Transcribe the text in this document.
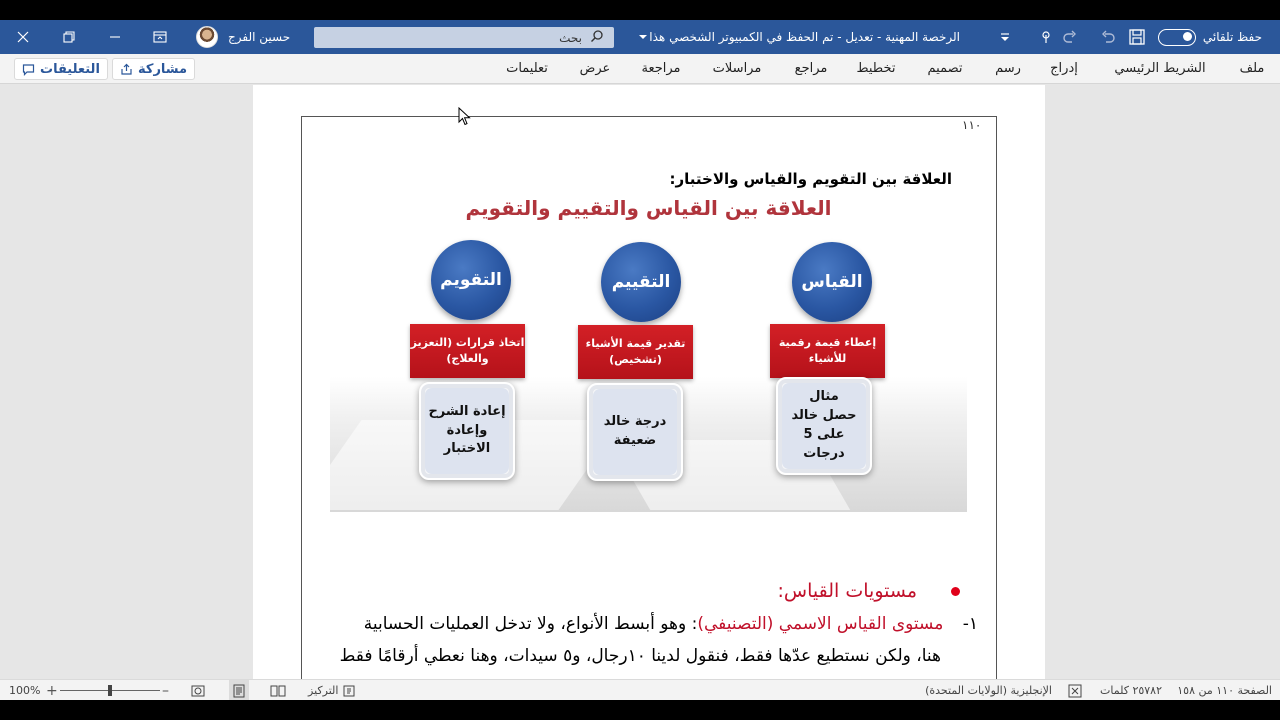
حفظ تلقائي
الرخصة المهنية - تعديل - تم الحفظ في الكمبيوتر الشخصي هذا
حسين الفرج	بحث
ملف
الشريط الرئيسي
إدراج
رسم
تصميم
تخطيط
مراجع
مراسلات
مراجعة
عرض
تعليمات
مشاركة
التعليقات
١١٠
العلاقة بين التقويم والقياس والاختبار:
العلاقة بين القياس والتقييم والتقويم
القياس
إعطاء قيمة رقمية للأشياء
مثال
حصل خالد
على 5 درجات
التقييم
تقدير قيمة الأشياء (تشخيص)
درجة خالد
ضعيفة
التقويم
اتخاذ قرارات (التعزيز والعلاج)
إعادة الشرح
وإعادة
الاختبار
مستويات القياس:
١- مستوى القياس الاسمي (التصنيفي): وهو أبسط الأنواع، ولا تدخل العمليات الحسابية
هنا، ولكن نستطيع عدّها فقط، فنقول لدينا ١٠رجال، و٥ سيدات، وهنا نعطي أرقامًا فقط
الصفحة ١١٠ من ١٥٨
٢٥٧٨٢ كلمات
الإنجليزية (الولايات المتحدة)
التركيز
–
+
100%
